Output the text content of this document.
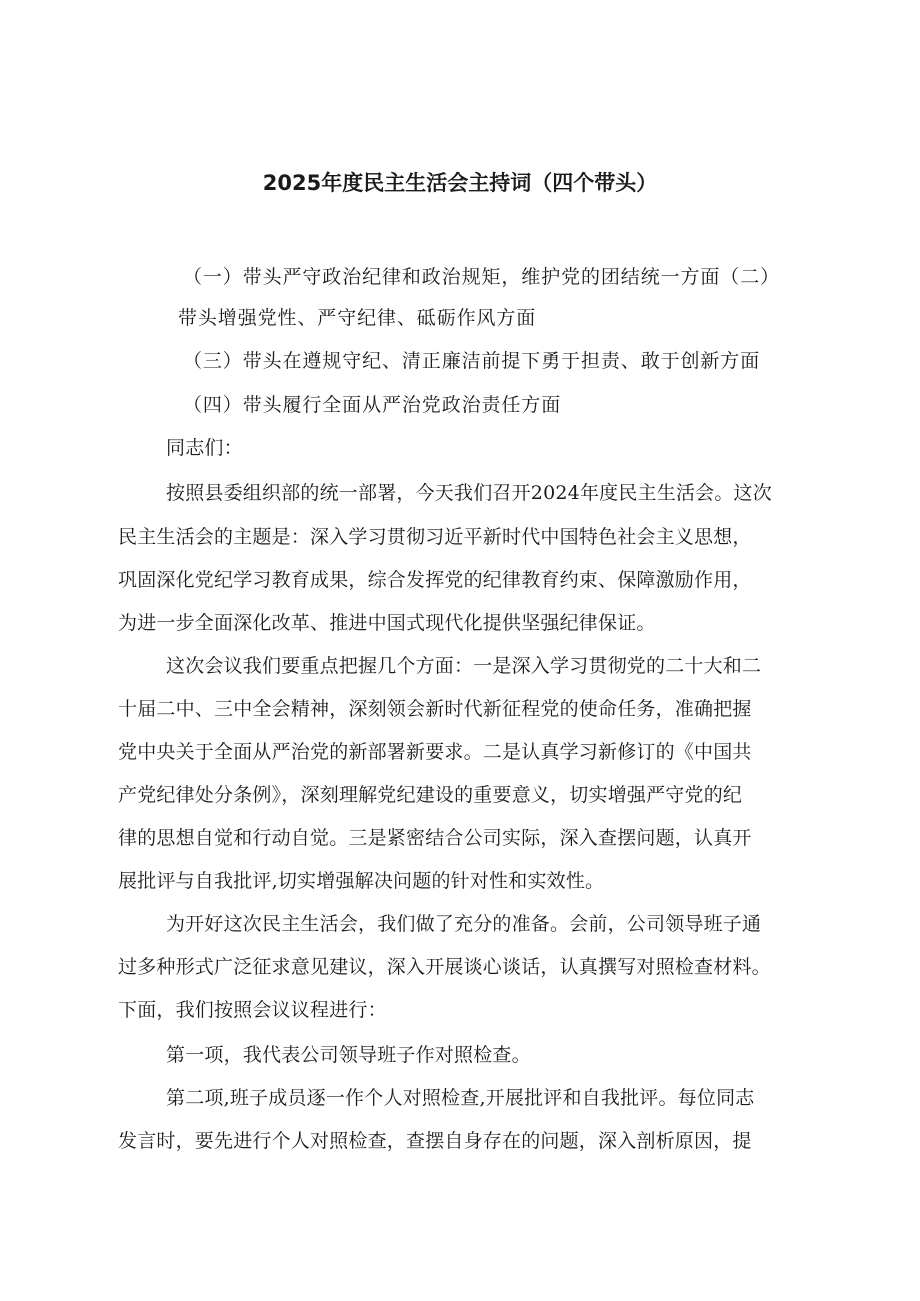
2025年度民主生活会主持词（四个带头）

（一）带头严守政治纪律和政治规矩，维护党的团结统一方面（二）

带头增强党性、严守纪律、砥砺作风方面

（三）带头在遵规守纪、清正廉洁前提下勇于担责、敢于创新方面

（四）带头履行全面从严治党政治责任方面

同志们：

按照县委组织部的统一部署，今天我们召开2024年度民主生活会。这次

民主生活会的主题是：深入学习贯彻习近平新时代中国特色社会主义思想，

巩固深化党纪学习教育成果，综合发挥党的纪律教育约束、保障激励作用，

为进一步全面深化改革、推进中国式现代化提供坚强纪律保证。

这次会议我们要重点把握几个方面：一是深入学习贯彻党的二十大和二

十届二中、三中全会精神，深刻领会新时代新征程党的使命任务，准确把握

党中央关于全面从严治党的新部署新要求。二是认真学习新修订的《中国共

产党纪律处分条例》，深刻理解党纪建设的重要意义，切实增强严守党的纪

律的思想自觉和行动自觉。三是紧密结合公司实际，深入查摆问题，认真开

展批评与自我批评,切实增强解决问题的针对性和实效性。

为开好这次民主生活会，我们做了充分的准备。会前，公司领导班子通

过多种形式广泛征求意见建议，深入开展谈心谈话，认真撰写对照检查材料。

下面，我们按照会议议程进行：

第一项，我代表公司领导班子作对照检查。

第二项,班子成员逐一作个人对照检查,开展批评和自我批评。每位同志

发言时，要先进行个人对照检查，查摆自身存在的问题，深入剖析原因，提
